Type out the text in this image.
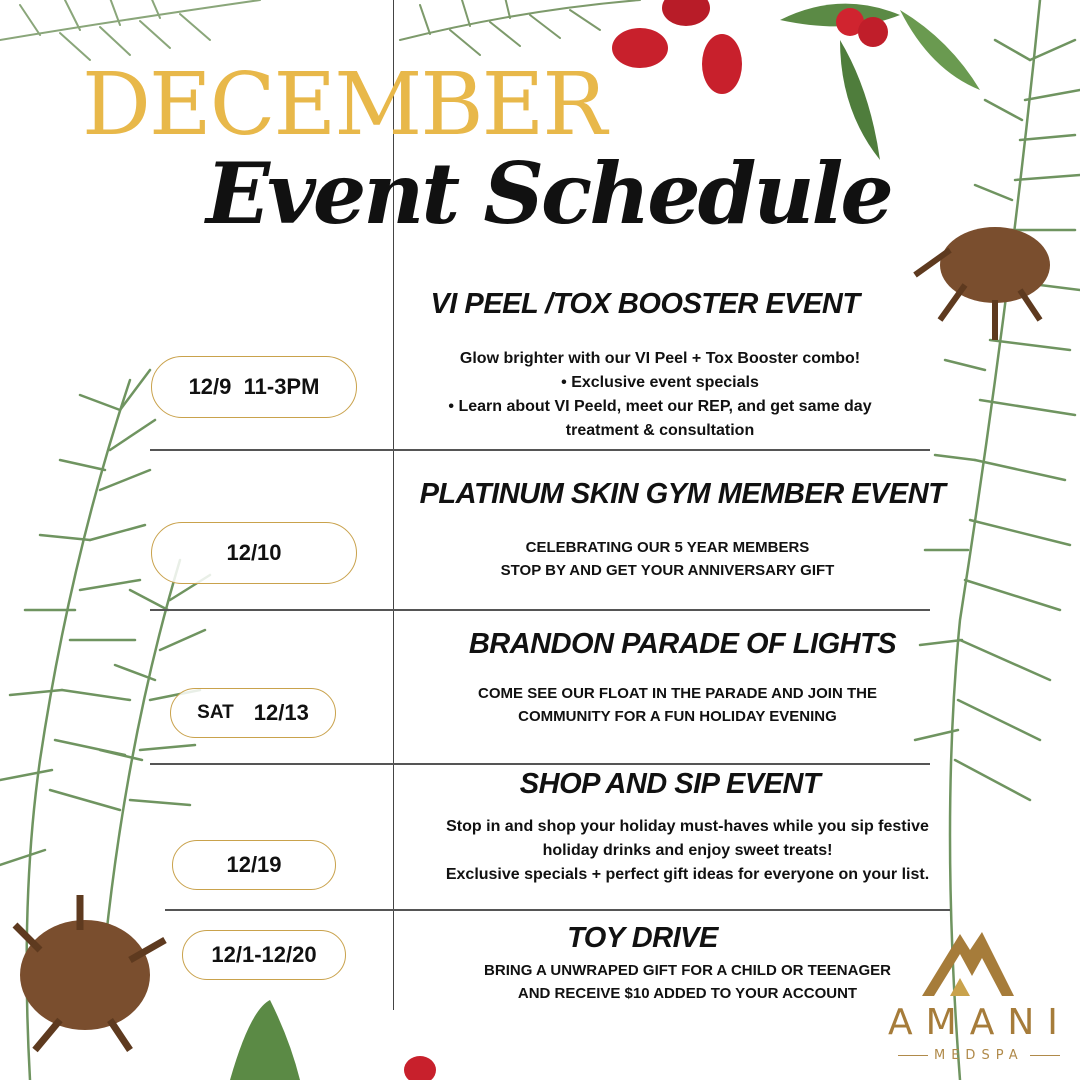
DECEMBER
Event Schedule
12/9  11-3PM
VI PEEL /TOX BOOSTER EVENT
Glow brighter with our VI Peel + Tox Booster combo!
• Exclusive event specials
• Learn about VI Peeld, meet our REP, and get same day
treatment & consultation
12/10
PLATINUM SKIN GYM MEMBER EVENT
CELEBRATING OUR 5 YEAR MEMBERS
STOP BY AND GET YOUR ANNIVERSARY GIFT
SAT 12/13
BRANDON PARADE OF LIGHTS
COME SEE OUR FLOAT IN THE PARADE AND JOIN THE
COMMUNITY FOR A FUN HOLIDAY EVENING
12/19
SHOP AND SIP EVENT
Stop in and shop your holiday must-haves while you sip festive
holiday drinks and enjoy sweet treats!
Exclusive specials + perfect gift ideas for everyone on your list.
12/1-12/20
TOY DRIVE
BRING A UNWRAPED GIFT FOR A CHILD OR TEENAGER
AND RECEIVE $10 ADDED TO YOUR ACCOUNT
AMANI
MEDSPA
